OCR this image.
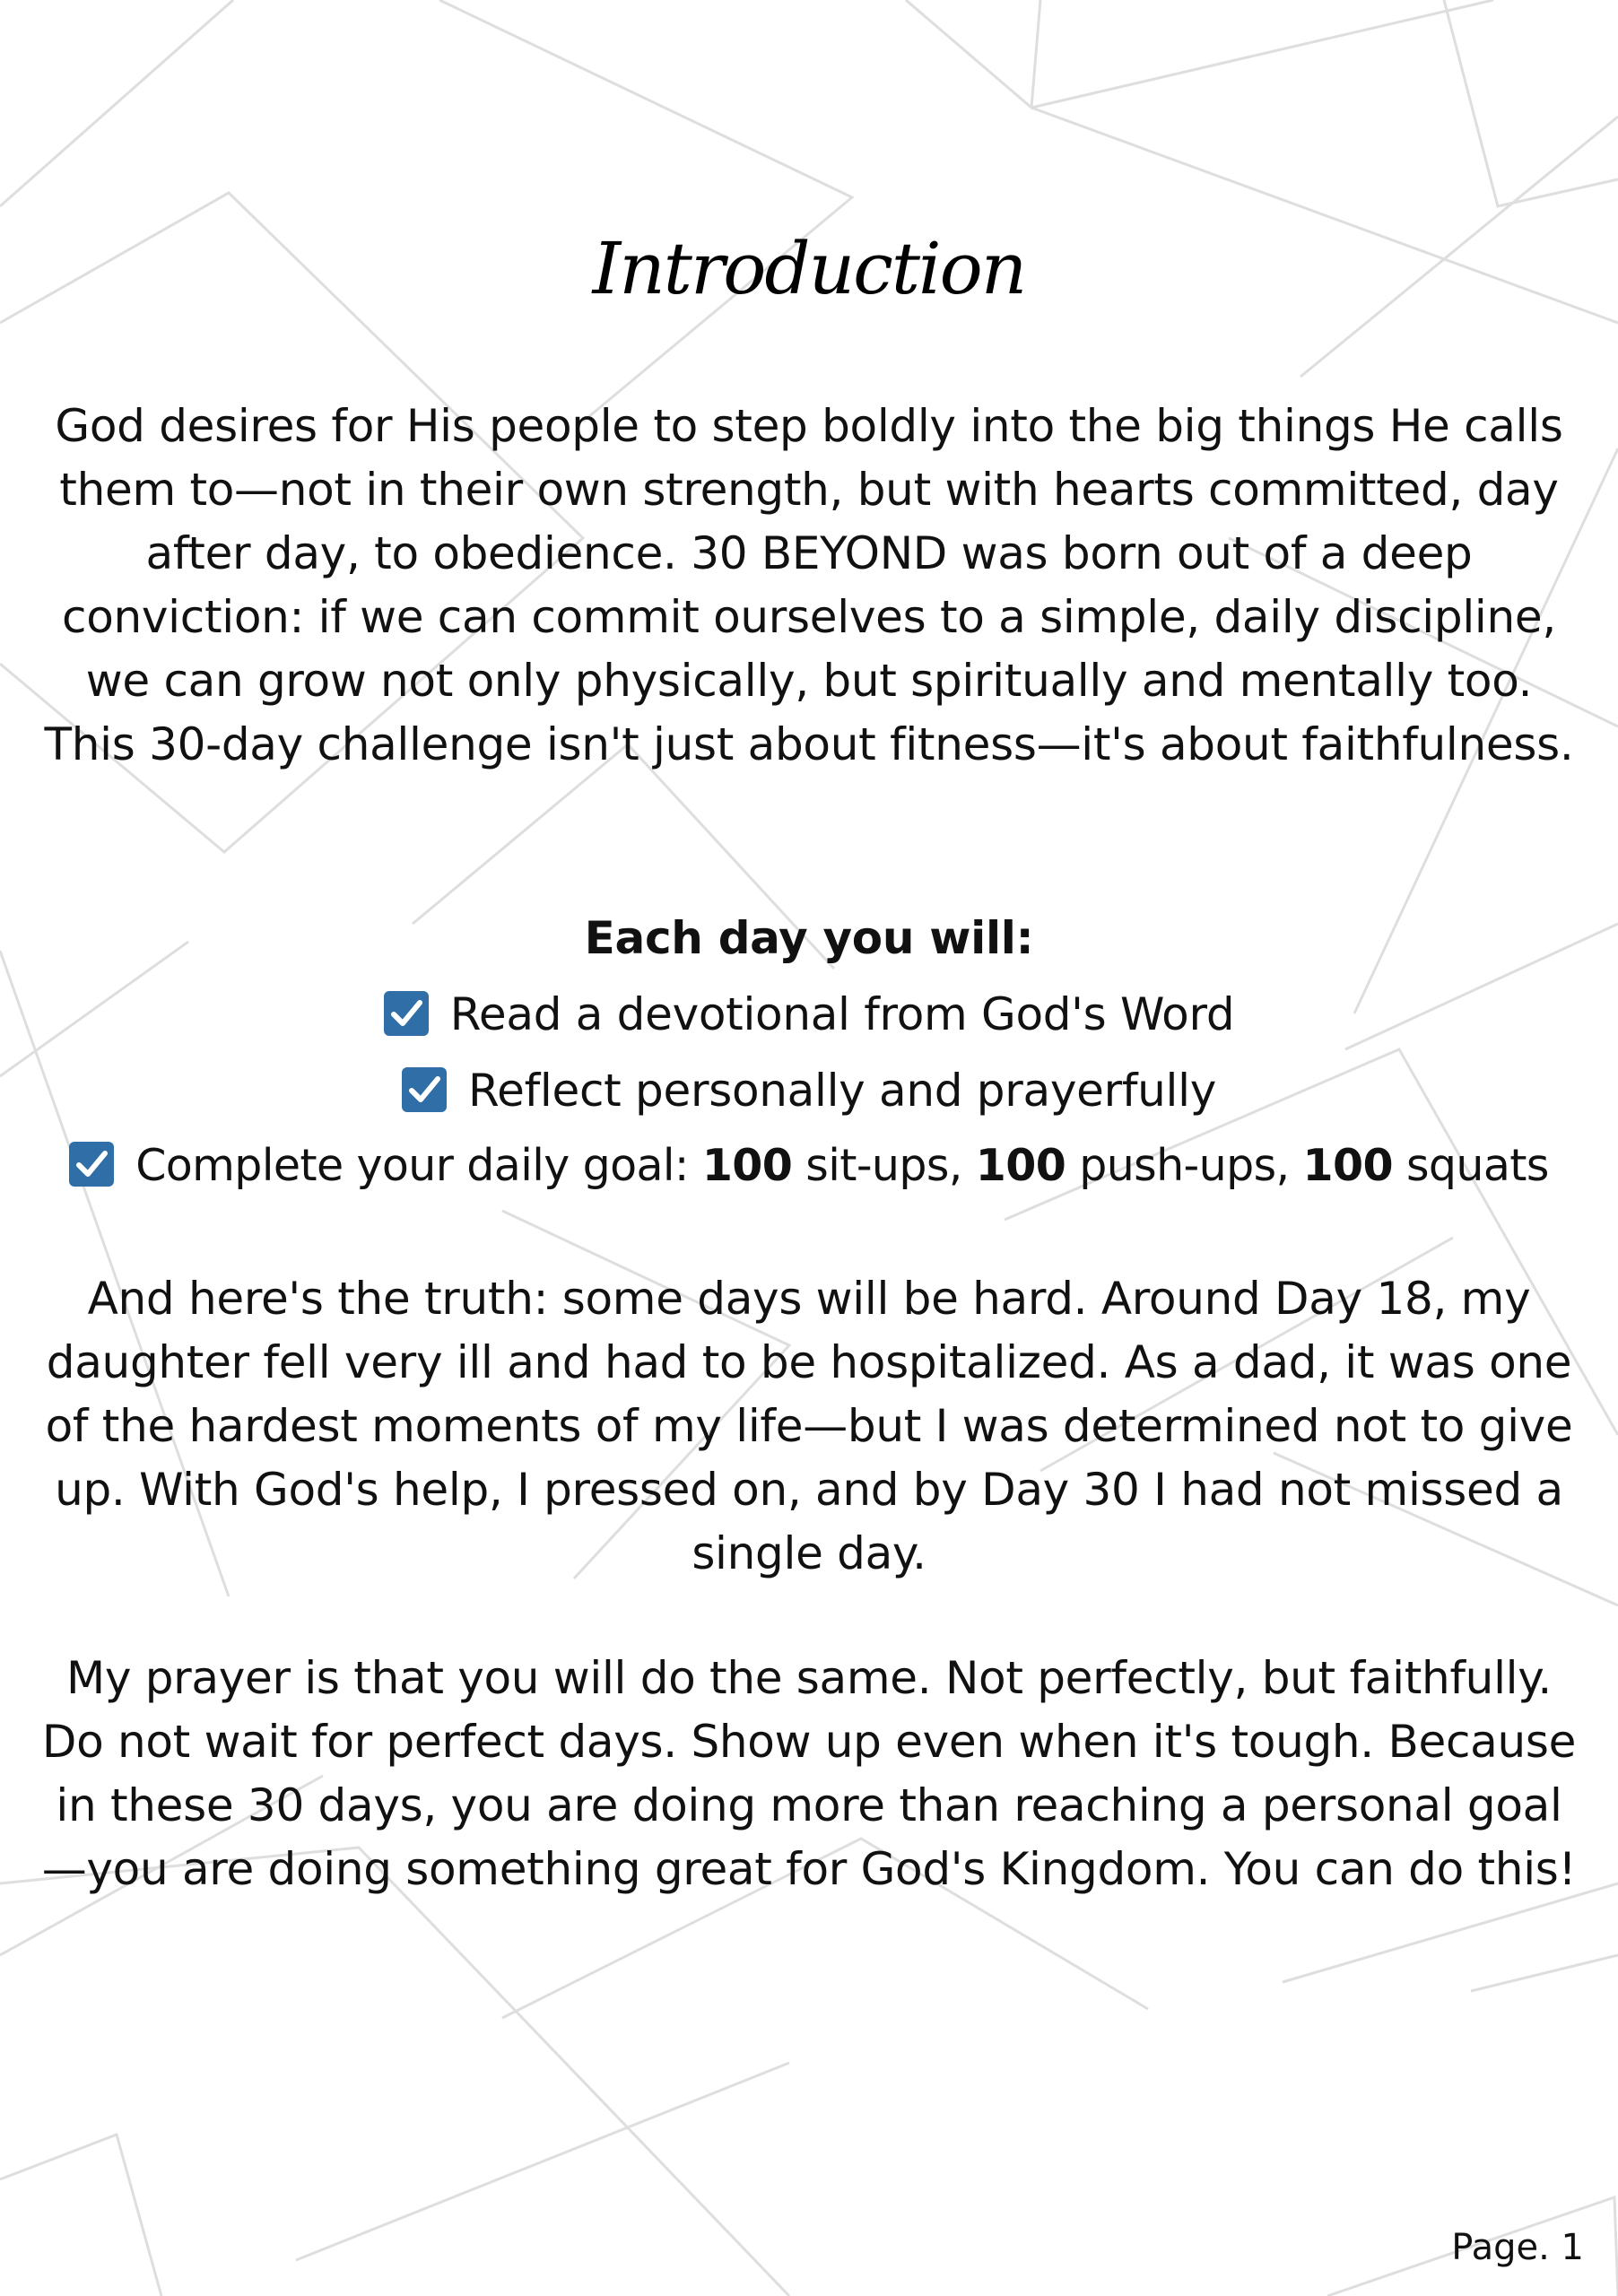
Introduction
God desires for His people to step boldly into the big things He calls them to—not in their own strength, but with hearts committed, day after day, to obedience. 30 BEYOND was born out of a deep conviction: if we can commit ourselves to a simple, daily discipline, we can grow not only physically, but spiritually and mentally too. This 30-day challenge isn't just about fitness—it's about faithfulness.
Each day you will:
Read a devotional from God's Word
Reflect personally and prayerfully
Complete your daily goal: 100 sit-ups, 100 push-ups, 100 squats
And here's the truth: some days will be hard. Around Day 18, my daughter fell very ill and had to be hospitalized. As a dad, it was one of the hardest moments of my life—but I was determined not to give up. With God's help, I pressed on, and by Day 30 I had not missed a single day.
My prayer is that you will do the same. Not perfectly, but faithfully. Do not wait for perfect days. Show up even when it's tough. Because in these 30 days, you are doing more than reaching a personal goal—you are doing something great for God's Kingdom. You can do this!
Page. 1
